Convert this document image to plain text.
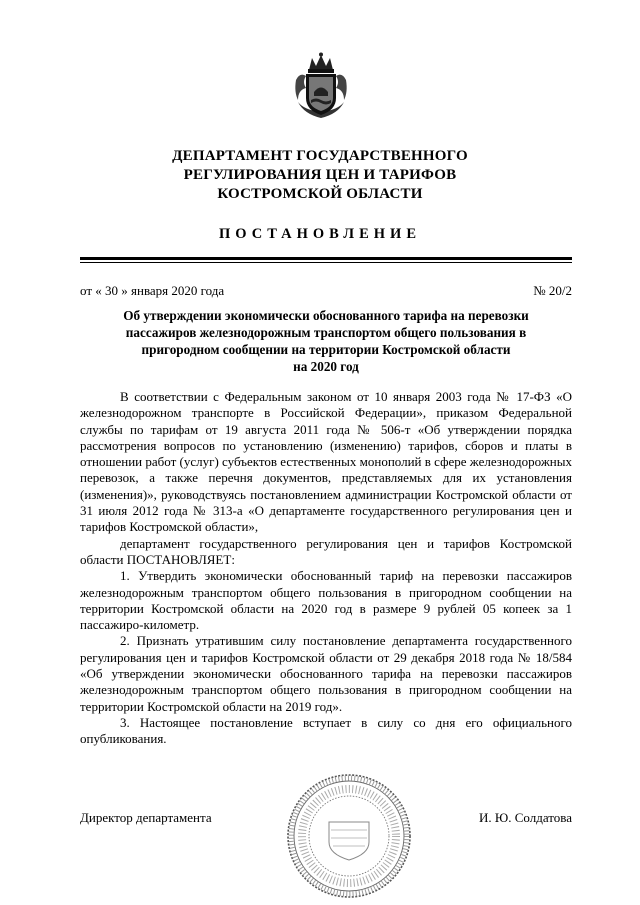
ДЕПАРТАМЕНТ ГОСУДАРСТВЕННОГО
РЕГУЛИРОВАНИЯ ЦЕН И ТАРИФОВ
КОСТРОМСКОЙ ОБЛАСТИ
ПОСТАНОВЛЕНИЕ
от « 30 » января 2020 года	№ 20/2
Об утверждении экономически обоснованного тарифа на перевозки
пассажиров железнодорожным транспортом общего пользования в
пригородном сообщении на территории Костромской области
на 2020 год

В соответствии с Федеральным законом от 10 января 2003 года № 17-ФЗ «О железнодорожном транспорте в Российской Федерации», приказом Федеральной службы по тарифам от 19 августа 2011 года № 506-т «Об утверждении порядка рассмотрения вопросов по установлению (изменению) тарифов, сборов и платы в отношении работ (услуг) субъектов естественных монополий в сфере железнодорожных перевозок, а также перечня документов, представляемых для их установления (изменения)», руководствуясь постановлением администрации Костромской области от 31 июля 2012 года № 313-а «О департаменте государственного регулирования цен и тарифов Костромской области»,

департамент государственного регулирования цен и тарифов Костромской области ПОСТАНОВЛЯЕТ:

1. Утвердить экономически обоснованный тариф на перевозки пассажиров железнодорожным транспортом общего пользования в пригородном сообщении на территории Костромской области на 2020 год в размере 9 рублей 05 копеек за 1 пассажиро-километр.

2. Признать утратившим силу постановление департамента государственного регулирования цен и тарифов Костромской области от 29 декабря 2018 года № 18/584 «Об утверждении экономически обоснованного тарифа на перевозки пассажиров железнодорожным транспортом общего пользования в пригородном сообщении на территории Костромской области на 2019 год».

3. Настоящее постановление вступает в силу со дня его официального опубликования.

Директор департамента	И. Ю. Солдатова
